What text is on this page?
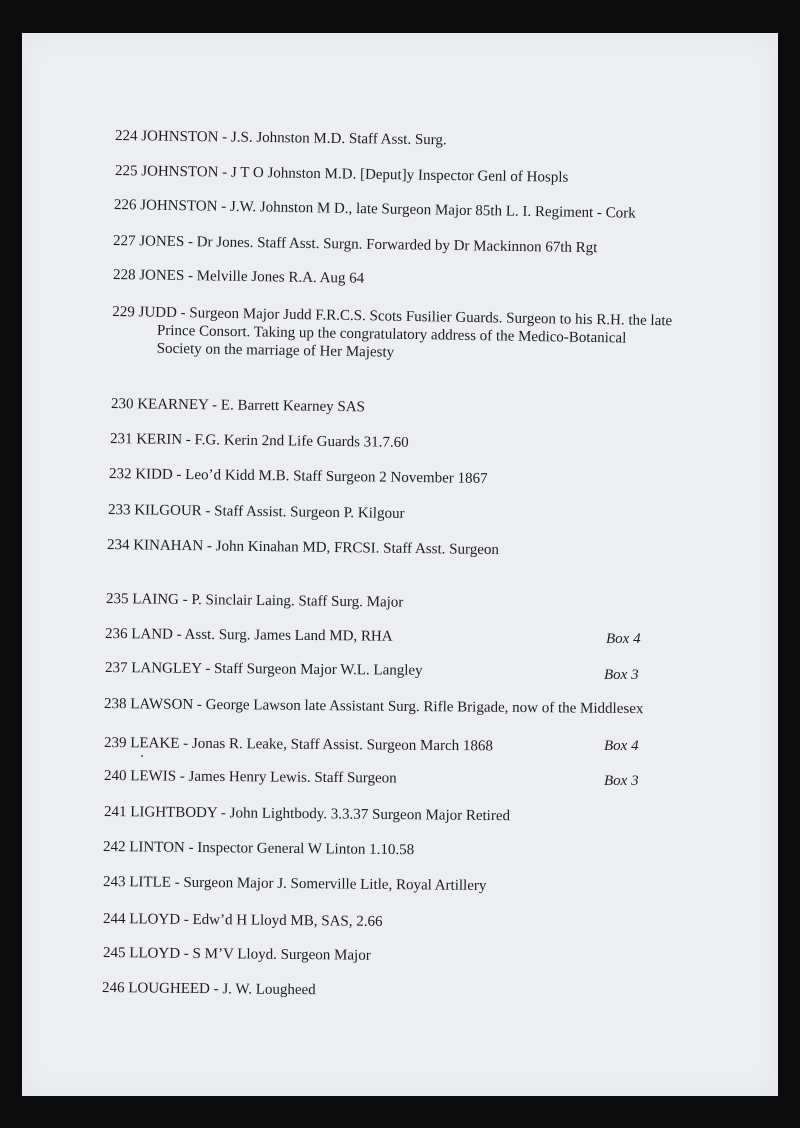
224 JOHNSTON - J.S. Johnston M.D. Staff Asst. Surg.
225 JOHNSTON - J T O Johnston M.D. [Deput]y Inspector Genl of Hospls
226 JOHNSTON - J.W. Johnston M D., late Surgeon Major 85th L. I. Regiment - Cork
227 JONES - Dr Jones. Staff Asst. Surgn. Forwarded by Dr Mackinnon 67th Rgt
228 JONES - Melville Jones R.A. Aug 64
229 JUDD - Surgeon Major Judd F.R.C.S. Scots Fusilier Guards. Surgeon to his R.H. the late
Prince Consort. Taking up the congratulatory address of the Medico-Botanical
Society on the marriage of Her Majesty
230 KEARNEY - E. Barrett Kearney SAS
231 KERIN - F.G. Kerin 2nd Life Guards 31.7.60
232 KIDD - Leo’d Kidd M.B. Staff Surgeon 2 November 1867
233 KILGOUR - Staff Assist. Surgeon P. Kilgour
234 KINAHAN - John Kinahan MD, FRCSI. Staff Asst. Surgeon
235 LAING - P. Sinclair Laing. Staff Surg. Major
236 LAND - Asst. Surg. James Land MD, RHA	Box 4
237 LANGLEY - Staff Surgeon Major W.L. Langley	Box 3
238 LAWSON - George Lawson late Assistant Surg. Rifle Brigade, now of the Middlesex
239 LEAKE - Jonas R. Leake, Staff Assist. Surgeon March 1868	Box 4
240 LEWIS - James Henry Lewis. Staff Surgeon	Box 3
241 LIGHTBODY - John Lightbody. 3.3.37 Surgeon Major Retired
242 LINTON - Inspector General W Linton 1.10.58
243 LITLE - Surgeon Major J. Somerville Litle, Royal Artillery
244 LLOYD - Edw’d H Lloyd MB, SAS, 2.66
245 LLOYD - S M’V Lloyd. Surgeon Major
246 LOUGHEED - J. W. Lougheed
